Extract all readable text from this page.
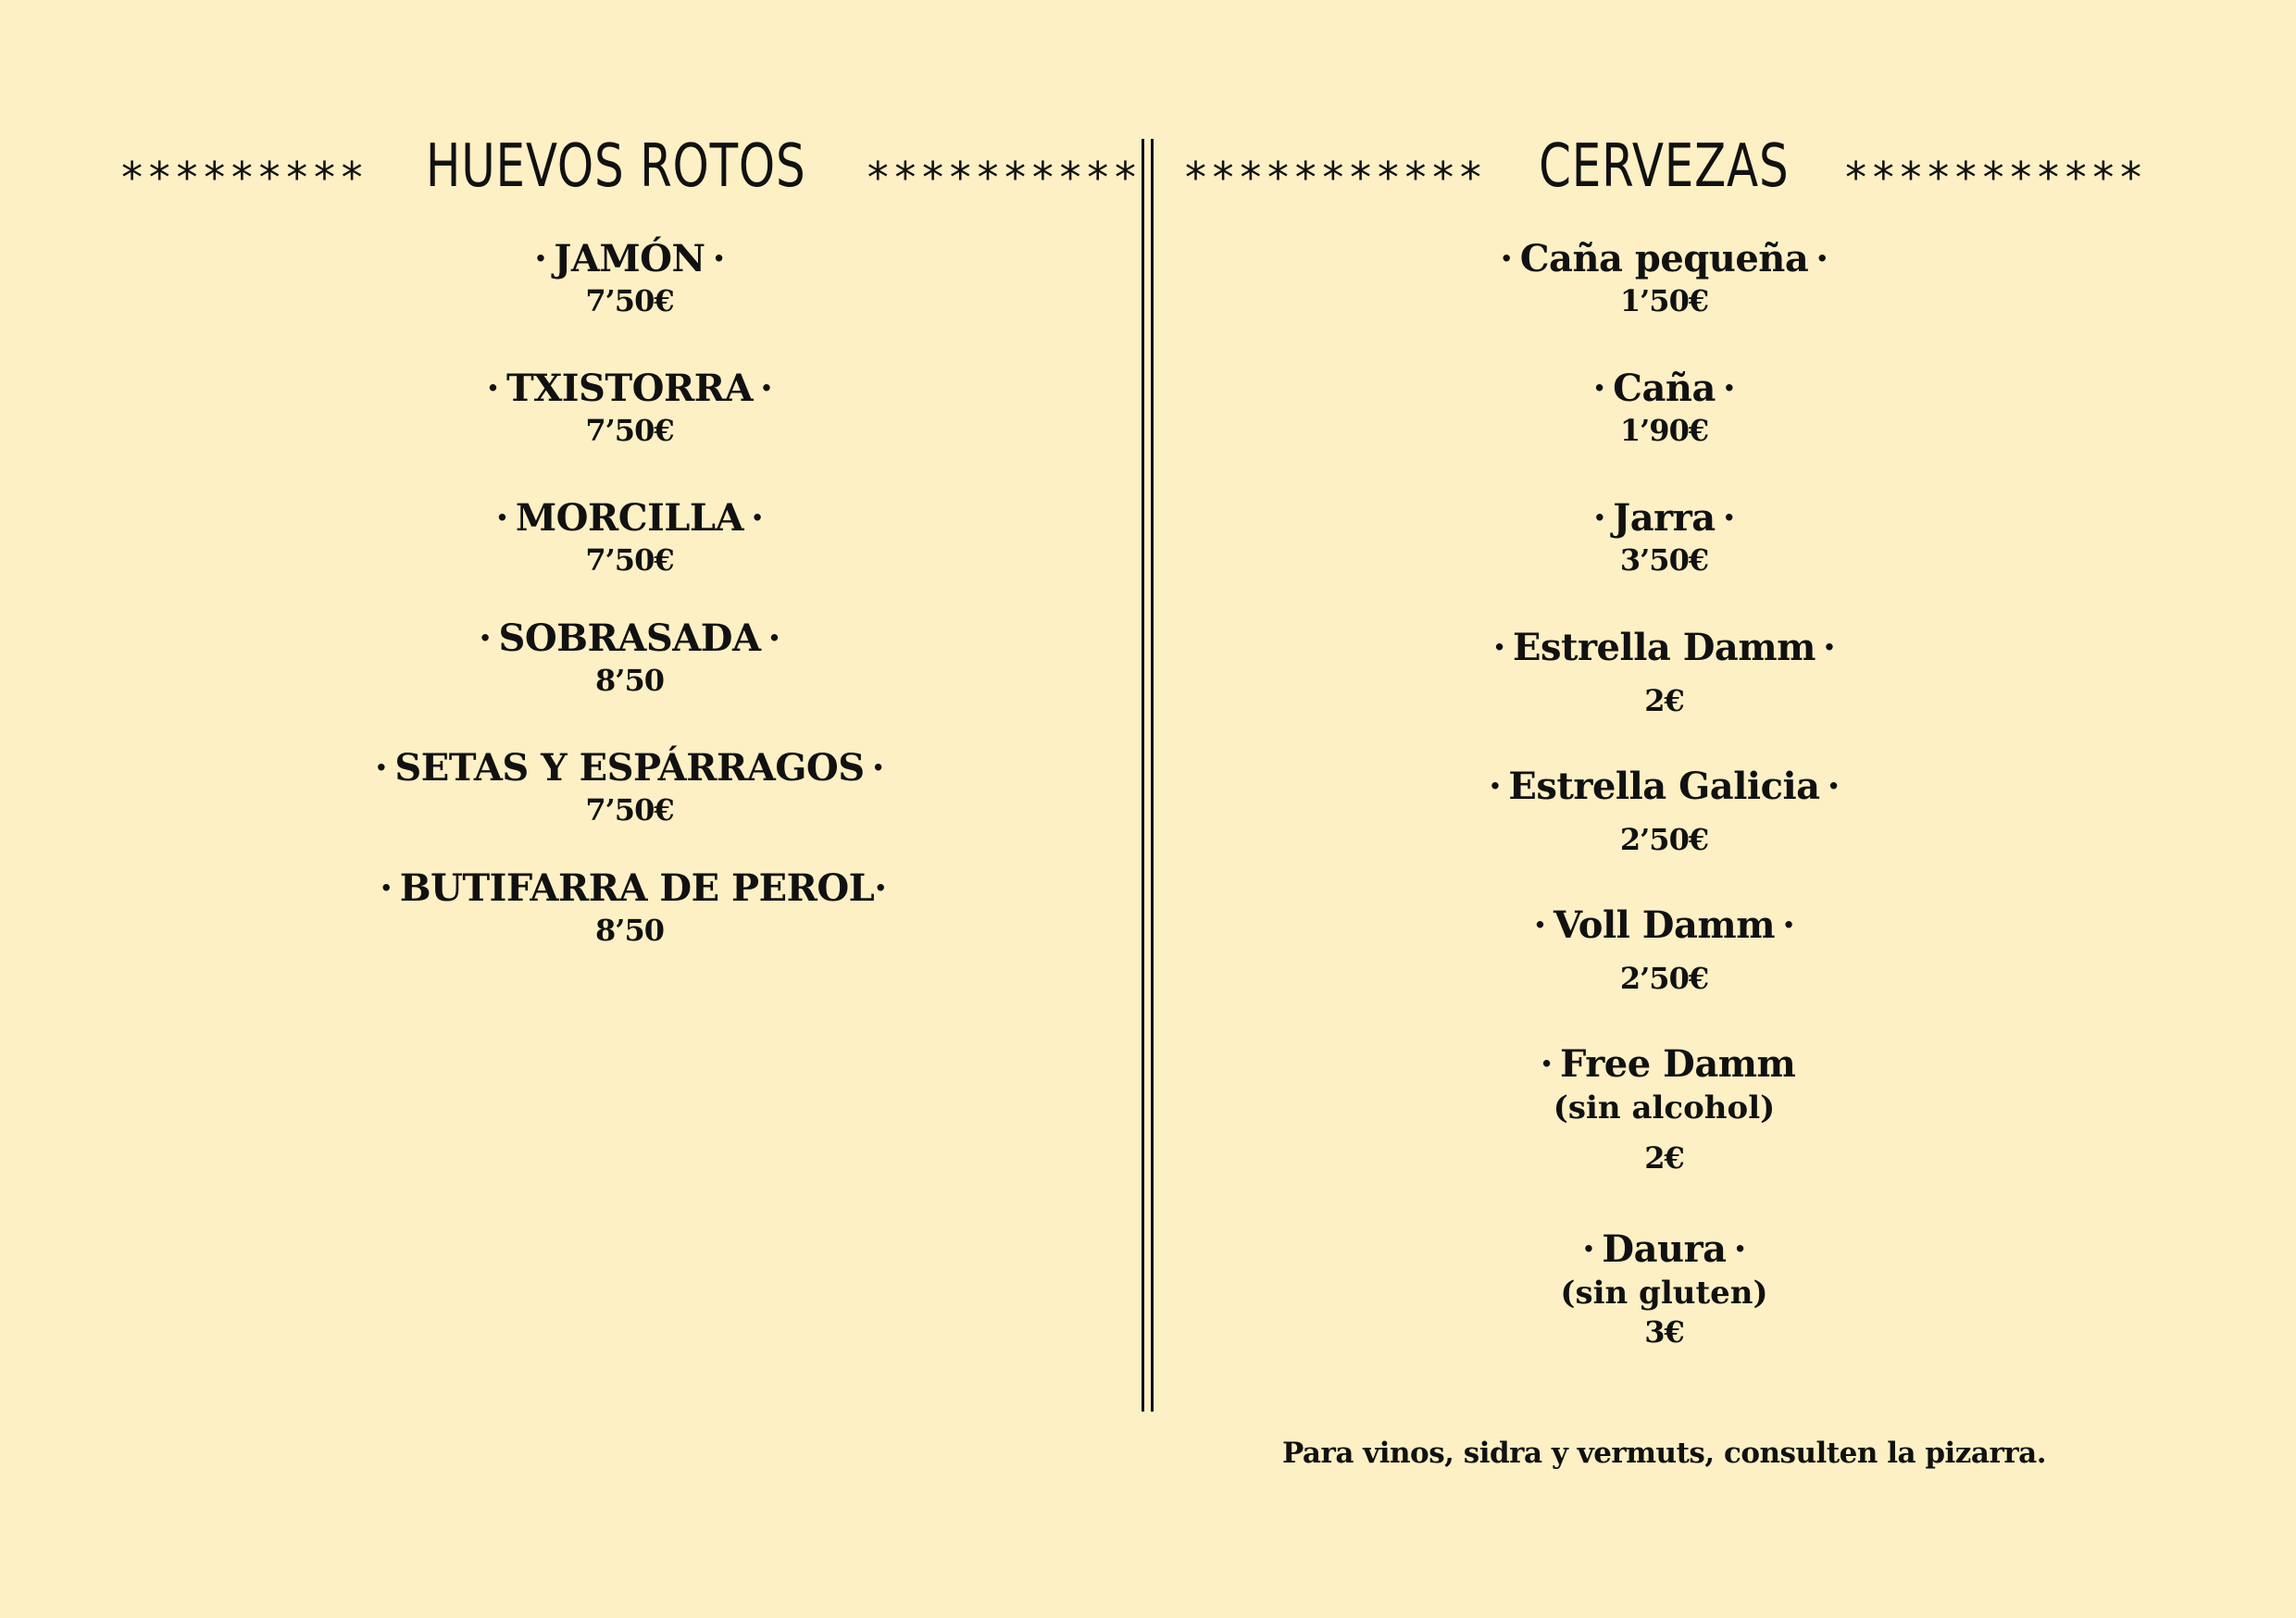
********* HUEVOS ROTOS **********
· JAMÓN ·
7’50€
· TXISTORRA ·
7’50€
· MORCILLA ·
7’50€
· SOBRASADA ·
8’50
· SETAS Y ESPÁRRAGOS ·
7’50€
· BUTIFARRA DE PEROL·
8’50
*********** CERVEZAS ***********
· Caña pequeña ·
1’50€
· Caña ·
1’90€
· Jarra ·
3’50€
· Estrella Damm ·
2€
· Estrella Galicia ·
2’50€
· Voll Damm ·
2’50€
· Free Damm
(sin alcohol)
2€
· Daura ·
(sin gluten)
3€
Para vinos, sidra y vermuts, consulten la pizarra.
